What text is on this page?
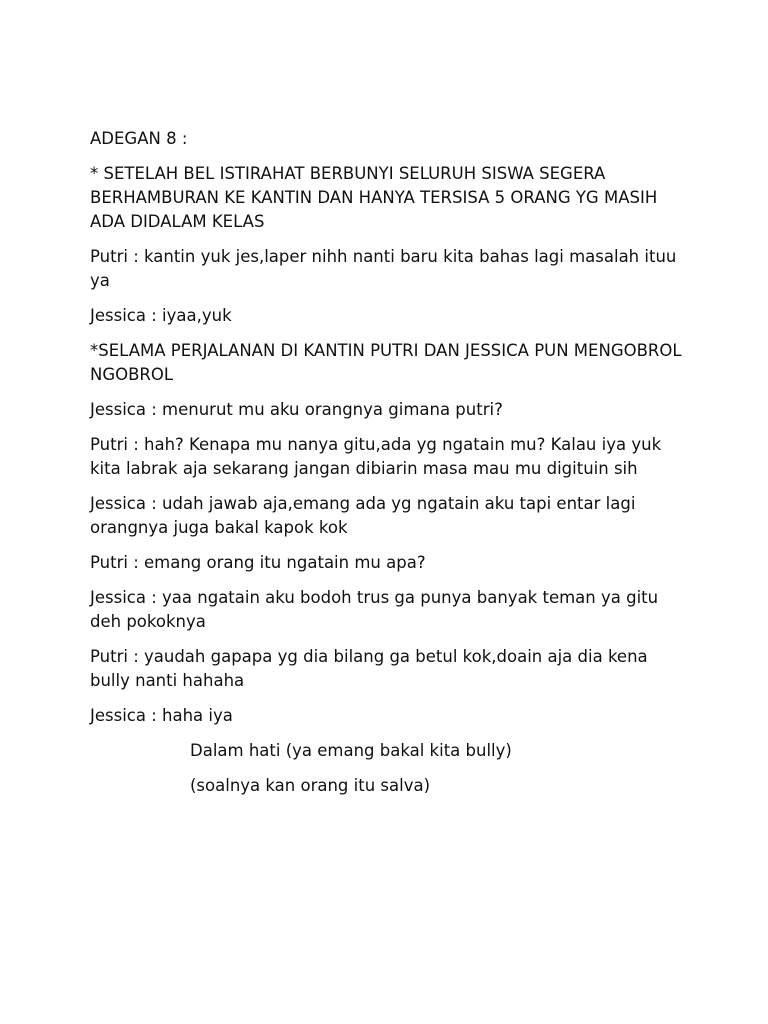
ADEGAN 8 :

* SETELAH BEL ISTIRAHAT BERBUNYI SELURUH SISWA SEGERA BERHAMBURAN KE KANTIN DAN HANYA TERSISA 5 ORANG YG MASIH ADA DIDALAM KELAS

Putri : kantin yuk jes,laper nihh nanti baru kita bahas lagi masalah ituu ya

Jessica : iyaa,yuk

*SELAMA PERJALANAN DI KANTIN PUTRI DAN JESSICA PUN MENGOBROL NGOBROL

Jessica : menurut mu aku orangnya gimana putri?

Putri : hah? Kenapa mu nanya gitu,ada yg ngatain mu? Kalau iya yuk kita labrak aja sekarang jangan dibiarin masa mau mu digituin sih

Jessica : udah jawab aja,emang ada yg ngatain aku tapi entar lagi orangnya juga bakal kapok kok

Putri : emang orang itu ngatain mu apa?

Jessica : yaa ngatain aku bodoh trus ga punya banyak teman ya gitu deh pokoknya

Putri : yaudah gapapa yg dia bilang ga betul kok,doain aja dia kena bully nanti hahaha

Jessica : haha iya

Dalam hati (ya emang bakal kita bully)

(soalnya kan orang itu salva)
